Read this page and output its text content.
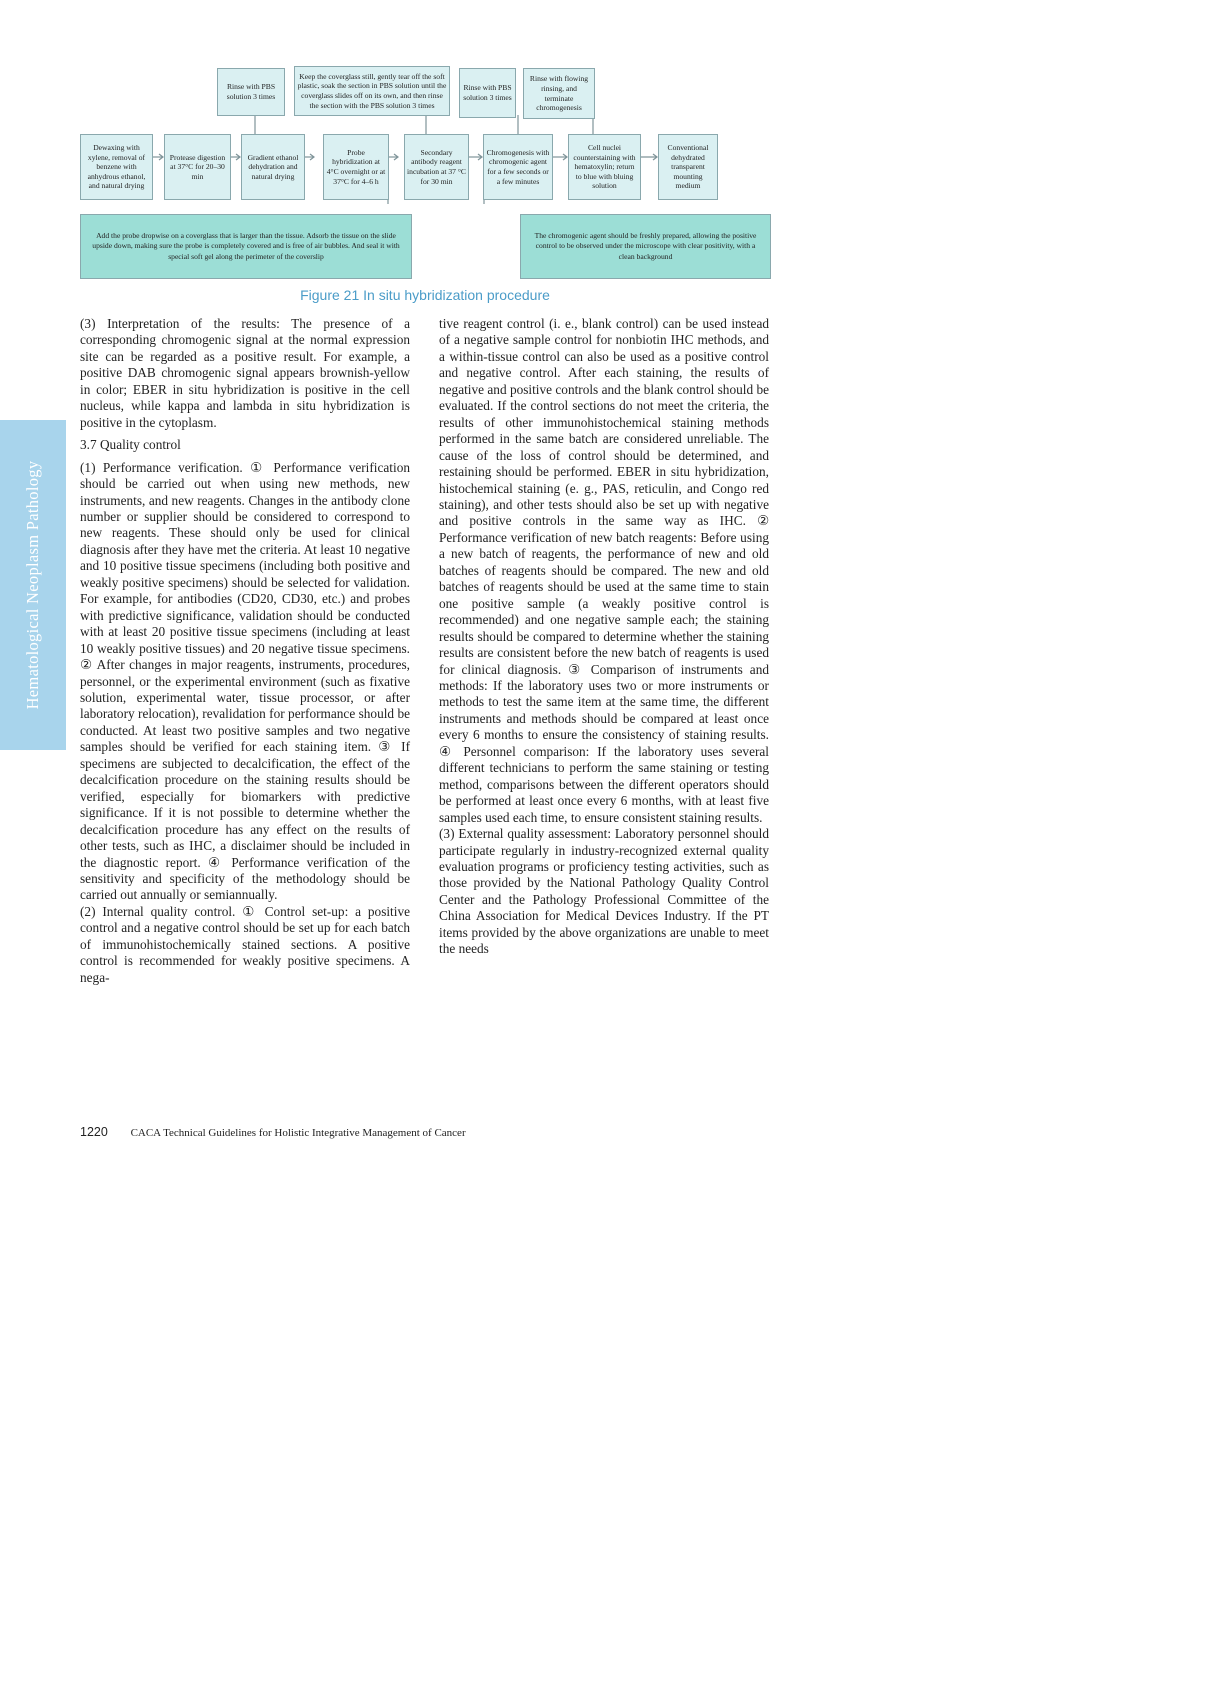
Hematological Neoplasm Pathology
Rinse with PBS solution 3 times
Keep the coverglass still, gently tear off the soft plastic, soak the section in PBS solution until the coverglass slides off on its own, and then rinse the section with the PBS solution 3 times
Rinse with PBS solution 3 times
Rinse with flowing rinsing, and terminate chromogenesis
Dewaxing with xylene, removal of benzene with anhydrous ethanol, and natural drying
Protease digestion at 37°C for 20–30 min
Gradient ethanol dehydration and natural drying
Probe hybridization at 4°C overnight or at 37°C for 4–6 h
Secondary antibody reagent incubation at 37 °C for 30 min
Chromogenesis with chromogenic agent for a few seconds or a few minutes
Cell nuclei counterstaining with hematoxylin; return to blue with bluing solution
Conventional dehydrated transparent mounting medium
Add the probe dropwise on a coverglass that is larger than the tissue. Adsorb the tissue on the slide upside down, making sure the probe is completely covered and is free of air bubbles. And seal it with special soft gel along the perimeter of the coverslip
The chromogenic agent should be freshly prepared, allowing the positive control to be observed under the microscope with clear positivity, with a clean background
Figure 21 In situ hybridization procedure

(3) Interpretation of the results: The presence of a corresponding chromogenic signal at the normal expression site can be regarded as a positive result. For example, a positive DAB chromogenic signal appears brownish-yellow in color; EBER in situ hybridization is positive in the cell nucleus, while kappa and lambda in situ hybridization is positive in the cytoplasm.

3.7 Quality control

(1) Performance verification. ① Performance verification should be carried out when using new methods, new instruments, and new reagents. Changes in the antibody clone number or supplier should be considered to correspond to new reagents. These should only be used for clinical diagnosis after they have met the criteria. At least 10 negative and 10 positive tissue specimens (including both positive and weakly positive specimens) should be selected for validation. For example, for antibodies (CD20, CD30, etc.) and probes with predictive significance, validation should be conducted with at least 20 positive tissue specimens (including at least 10 weakly positive tissues) and 20 negative tissue specimens. ② After changes in major reagents, instruments, procedures, personnel, or the experimental environment (such as fixative solution, experimental water, tissue processor, or after laboratory relocation), revalidation for performance should be conducted. At least two positive samples and two negative samples should be verified for each staining item. ③ If specimens are subjected to decalcification, the effect of the decalcification procedure on the staining results should be verified, especially for biomarkers with predictive significance. If it is not possible to determine whether the decalcification procedure has any effect on the results of other tests, such as IHC, a disclaimer should be included in the diagnostic report. ④ Performance verification of the sensitivity and specificity of the methodology should be carried out annually or semiannually.

(2) Internal quality control. ① Control set-up: a positive control and a negative control should be set up for each batch of immunohistochemically stained sections. A positive control is recommended for weakly positive specimens. A nega-

tive reagent control (i. e., blank control) can be used instead of a negative sample control for nonbiotin IHC methods, and a within-tissue control can also be used as a positive control and negative control. After each staining, the results of negative and positive controls and the blank control should be evaluated. If the control sections do not meet the criteria, the results of other immunohistochemical staining methods performed in the same batch are considered unreliable. The cause of the loss of control should be determined, and restaining should be performed. EBER in situ hybridization, histochemical staining (e. g., PAS, reticulin, and Congo red staining), and other tests should also be set up with negative and positive controls in the same way as IHC. ② Performance verification of new batch reagents: Before using a new batch of reagents, the performance of new and old batches of reagents should be compared. The new and old batches of reagents should be used at the same time to stain one positive sample (a weakly positive control is recommended) and one negative sample each; the staining results should be compared to determine whether the staining results are consistent before the new batch of reagents is used for clinical diagnosis. ③ Comparison of instruments and methods: If the laboratory uses two or more instruments or methods to test the same item at the same time, the different instruments and methods should be compared at least once every 6 months to ensure the consistency of staining results. ④ Personnel comparison: If the laboratory uses several different technicians to perform the same staining or testing method, comparisons between the different operators should be performed at least once every 6 months, with at least five samples used each time, to ensure consistent staining results.

(3) External quality assessment: Laboratory personnel should participate regularly in industry-recognized external quality evaluation programs or proficiency testing activities, such as those provided by the National Pathology Quality Control Center and the Pathology Professional Committee of the China Association for Medical Devices Industry. If the PT items provided by the above organizations are unable to meet the needs

1220 CACA Technical Guidelines for Holistic Integrative Management of Cancer
